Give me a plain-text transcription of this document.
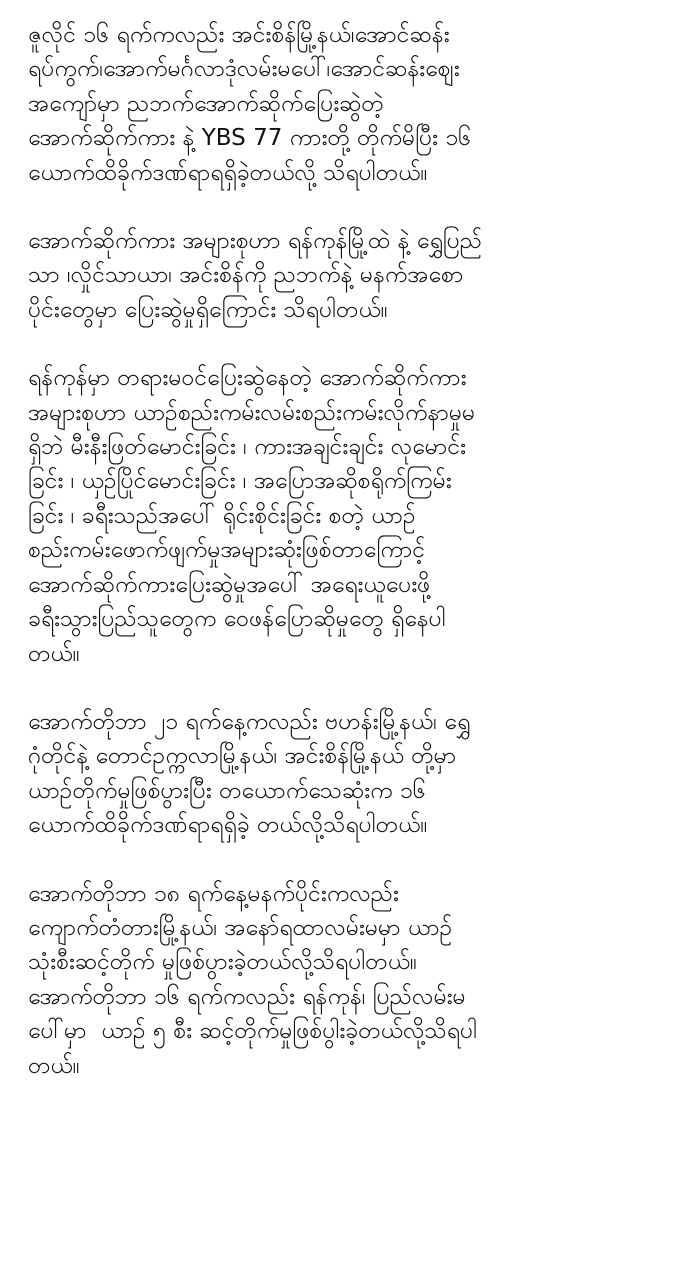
ဇူလိုင် ၁၆ ရက်ကလည်း အင်းစိန်မြို့နယ်၊အောင်ဆန်း
ရပ်ကွက်၊အောက်မင်္ဂလာဒုံလမ်းမပေါ်၊အောင်ဆန်းဈေး
အကျော်မှာ ညဘက်အောက်ဆိုက်ပြေးဆွဲတဲ့
အောက်ဆိုက်ကား နဲ့ YBS 77 ကားတို့ တိုက်မိပြီး ၁၆
ယောက်ထိခိုက်ဒဏ်ရာရရှိခဲ့တယ်လို့ သိရပါတယ်။

အောက်ဆိုက်ကား အများစုဟာ ရန်ကုန်မြို့ထဲ နဲ့ ရွှေပြည်
သာ ၊လှိုင်သာယာ၊ အင်းစိန်ကို ညဘက်နဲ့ မနက်အစော
ပိုင်းတွေမှာ ပြေးဆွဲမှုရှိကြောင်း သိရပါတယ်။

ရန်ကုန်မှာ တရားမဝင်ပြေးဆွဲနေတဲ့ အောက်ဆိုက်ကား
အများစုဟာ ယာဉ်စည်းကမ်းလမ်းစည်းကမ်းလိုက်နာမှုမ
ရှိဘဲ မီးနီးဖြတ်မောင်းခြင်း ၊ ကားအချင်းချင်း လုမောင်း
ခြင်း ၊ ယှဉ်ပြိုင်မောင်းခြင်း ၊ အပြောအဆိုစရိုက်ကြမ်း
ခြင်း ၊ ခရီးသည်အပေါ် ရိုင်းစိုင်းခြင်း စတဲ့ ယာဉ်
စည်းကမ်းဖောက်ဖျက်မှုအများဆုံးဖြစ်တာကြောင့်
အောက်ဆိုက်ကားပြေးဆွဲမှုအပေါ် အရေးယူပေးဖို့
ခရီးသွားပြည်သူတွေက ဝေဖန်ပြောဆိုမှုတွေ ရှိနေပါ
တယ်။

အောက်တိုဘာ ၂၁ ရက်နေ့ကလည်း ဗဟန်းမြို့နယ်၊ ရွှေ
ဂုံတိုင်နဲ့ တောင်ဥက္ကလာမြို့နယ်၊ အင်းစိန်မြို့နယ် တို့မှာ
ယာဉ်တိုက်မှုဖြစ်ပွားပြီး တယောက်သေဆုံးက ၁၆
ယောက်ထိခိုက်ဒဏ်ရာရရှိခဲ့ တယ်လို့သိရပါတယ်။

အောက်တိုဘာ ၁၈ ရက်နေ့မနက်ပိုင်းကလည်း
ကျောက်တံတားမြို့နယ်၊ အနော်ရထာလမ်းမမှာ ယာဉ်
သုံးစီးဆင့်တိုက် မှုဖြစ်ပွားခဲ့တယ်လို့သိရပါတယ်။
အောက်တိုဘာ ၁၆ ရက်ကလည်း ရန်ကုန်၊ ပြည်လမ်းမ
ပေါ်မှာ  ယာဉ် ၅ စီး ဆင့်တိုက်မှုဖြစ်ပွါးခဲ့တယ်လို့သိရပါ
တယ်။
